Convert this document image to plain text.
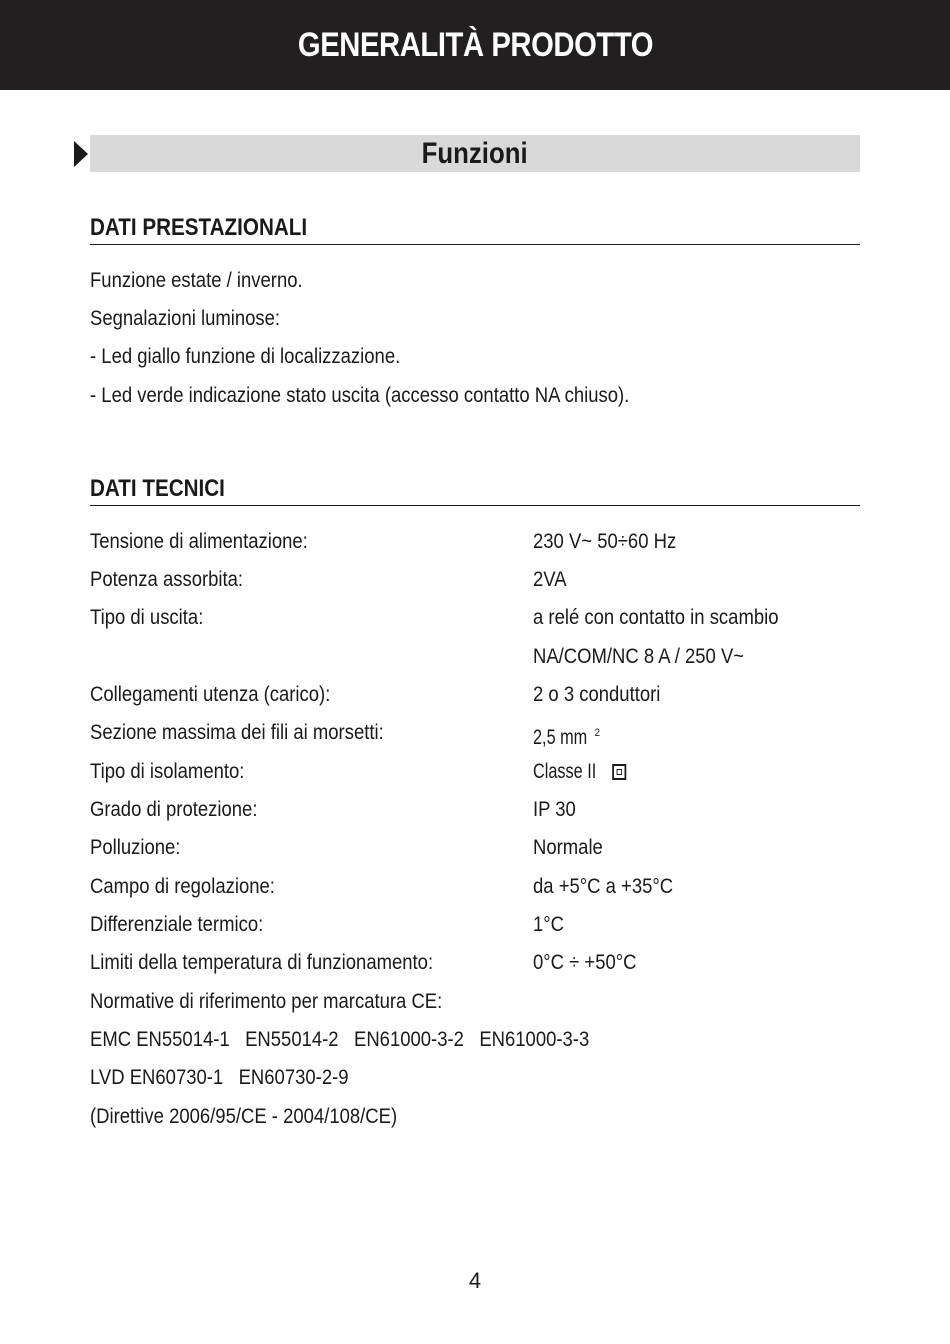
GENERALITÀ PRODOTTO
Funzioni
DATI PRESTAZIONALI
Funzione estate / inverno.
Segnalazioni luminose:
- Led giallo funzione di localizzazione.
- Led verde indicazione stato uscita (accesso contatto NA chiuso).
DATI TECNICI
Tensione di alimentazione:	230 V~ 50÷60 Hz
Potenza assorbita:	2VA
Tipo di uscita:	a relé con contatto in scambio
NA/COM/NC 8 A / 250 V~
Collegamenti utenza (carico):	2 o 3 conduttori
Sezione massima dei fili ai morsetti:	2,5 mm $^2$
Tipo di isolamento:	Classe II
Grado di protezione:	IP 30
Polluzione:	Normale
Campo di regolazione:	da +5°C a +35°C
Differenziale termico:	1°C
Limiti della temperatura di funzionamento:	0°C ÷ +50°C
Normative di riferimento per marcatura CE:
EMC EN55014-1   EN55014-2   EN61000-3-2   EN61000-3-3
LVD EN60730-1   EN60730-2-9
(Direttive 2006/95/CE - 2004/108/CE)
4
